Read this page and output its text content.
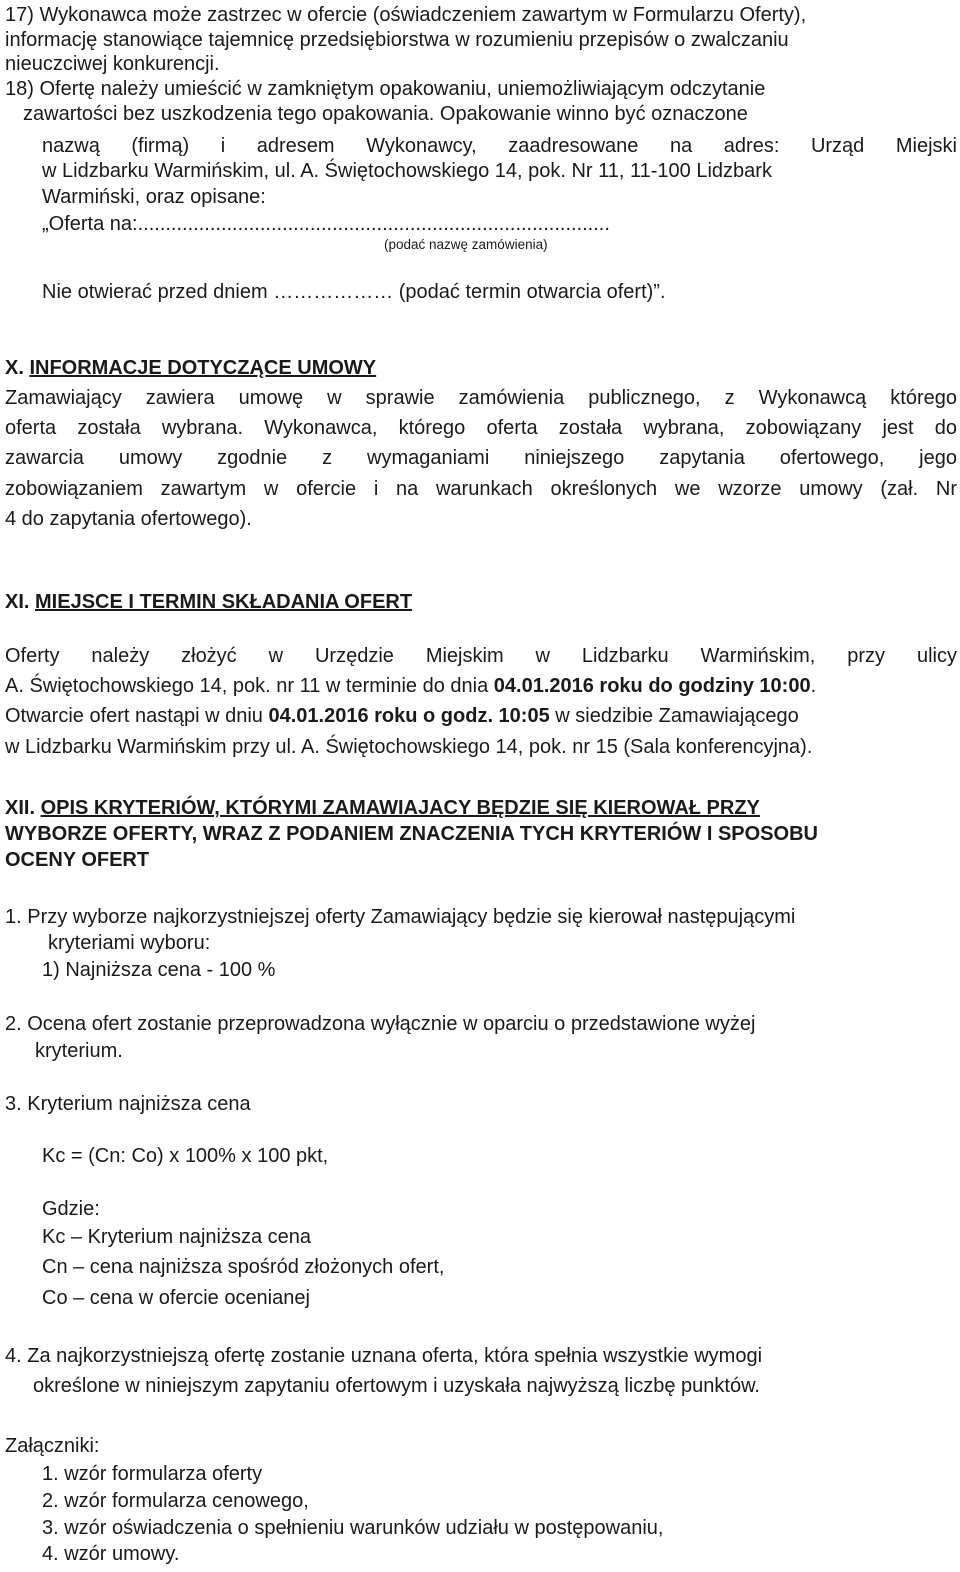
17) Wykonawca może zastrzec w ofercie (oświadczeniem zawartym w Formularzu Oferty),
informację stanowiące tajemnicę przedsiębiorstwa w rozumieniu przepisów o zwalczaniu
nieuczciwej konkurencji.
18) Ofertę należy umieścić w zamkniętym opakowaniu, uniemożliwiającym odczytanie
zawartości bez uszkodzenia tego opakowania. Opakowanie winno być oznaczone
nazwą (firmą) i adresem Wykonawcy, zaadresowane na adres: Urząd Miejski
w Lidzbarku Warmińskim, ul. A. Świętochowskiego 14, pok. Nr 11, 11-100 Lidzbark
Warmiński, oraz opisane:
„Oferta na:.....................................................................................
(podać nazwę zamówienia)
Nie otwierać przed dniem ……………… (podać termin otwarcia ofert)”.
X. INFORMACJE DOTYCZĄCE UMOWY
Zamawiający zawiera umowę w sprawie zamówienia publicznego, z Wykonawcą którego
oferta została wybrana. Wykonawca, którego oferta została wybrana, zobowiązany jest do
zawarcia umowy zgodnie z wymaganiami niniejszego zapytania ofertowego, jego
zobowiązaniem zawartym w ofercie i na warunkach określonych we wzorze umowy (zał. Nr
4 do zapytania ofertowego).
XI. MIEJSCE I TERMIN SKŁADANIA OFERT
Oferty należy złożyć w Urzędzie Miejskim w Lidzbarku Warmińskim, przy ulicy
A. Świętochowskiego 14, pok. nr 11 w terminie do dnia 04.01.2016 roku do godziny 10:00.
Otwarcie ofert nastąpi w dniu 04.01.2016 roku o godz. 10:05 w siedzibie Zamawiającego
w Lidzbarku Warmińskim przy ul. A. Świętochowskiego 14, pok. nr 15 (Sala konferencyjna).
XII. OPIS KRYTERIÓW, KTÓRYMI ZAMAWIAJACY BĘDZIE SIĘ KIEROWAŁ PRZY
WYBORZE OFERTY, WRAZ Z PODANIEM ZNACZENIA TYCH KRYTERIÓW I SPOSOBU
OCENY OFERT
1. Przy wyborze najkorzystniejszej oferty Zamawiający będzie się kierował następującymi
kryteriami wyboru:
1) Najniższa cena - 100 %
2. Ocena ofert zostanie przeprowadzona wyłącznie w oparciu o przedstawione wyżej
kryterium.
3. Kryterium najniższa cena
Kc = (Cn: Co) x 100% x 100 pkt,
Gdzie:
Kc – Kryterium najniższa cena
Cn – cena najniższa spośród złożonych ofert,
Co – cena w ofercie ocenianej
4. Za najkorzystniejszą ofertę zostanie uznana oferta, która spełnia wszystkie wymogi
określone w niniejszym zapytaniu ofertowym i uzyskała najwyższą liczbę punktów.
Załączniki:
1. wzór formularza oferty
2. wzór formularza cenowego,
3. wzór oświadczenia o spełnieniu warunków udziału w postępowaniu,
4. wzór umowy.
